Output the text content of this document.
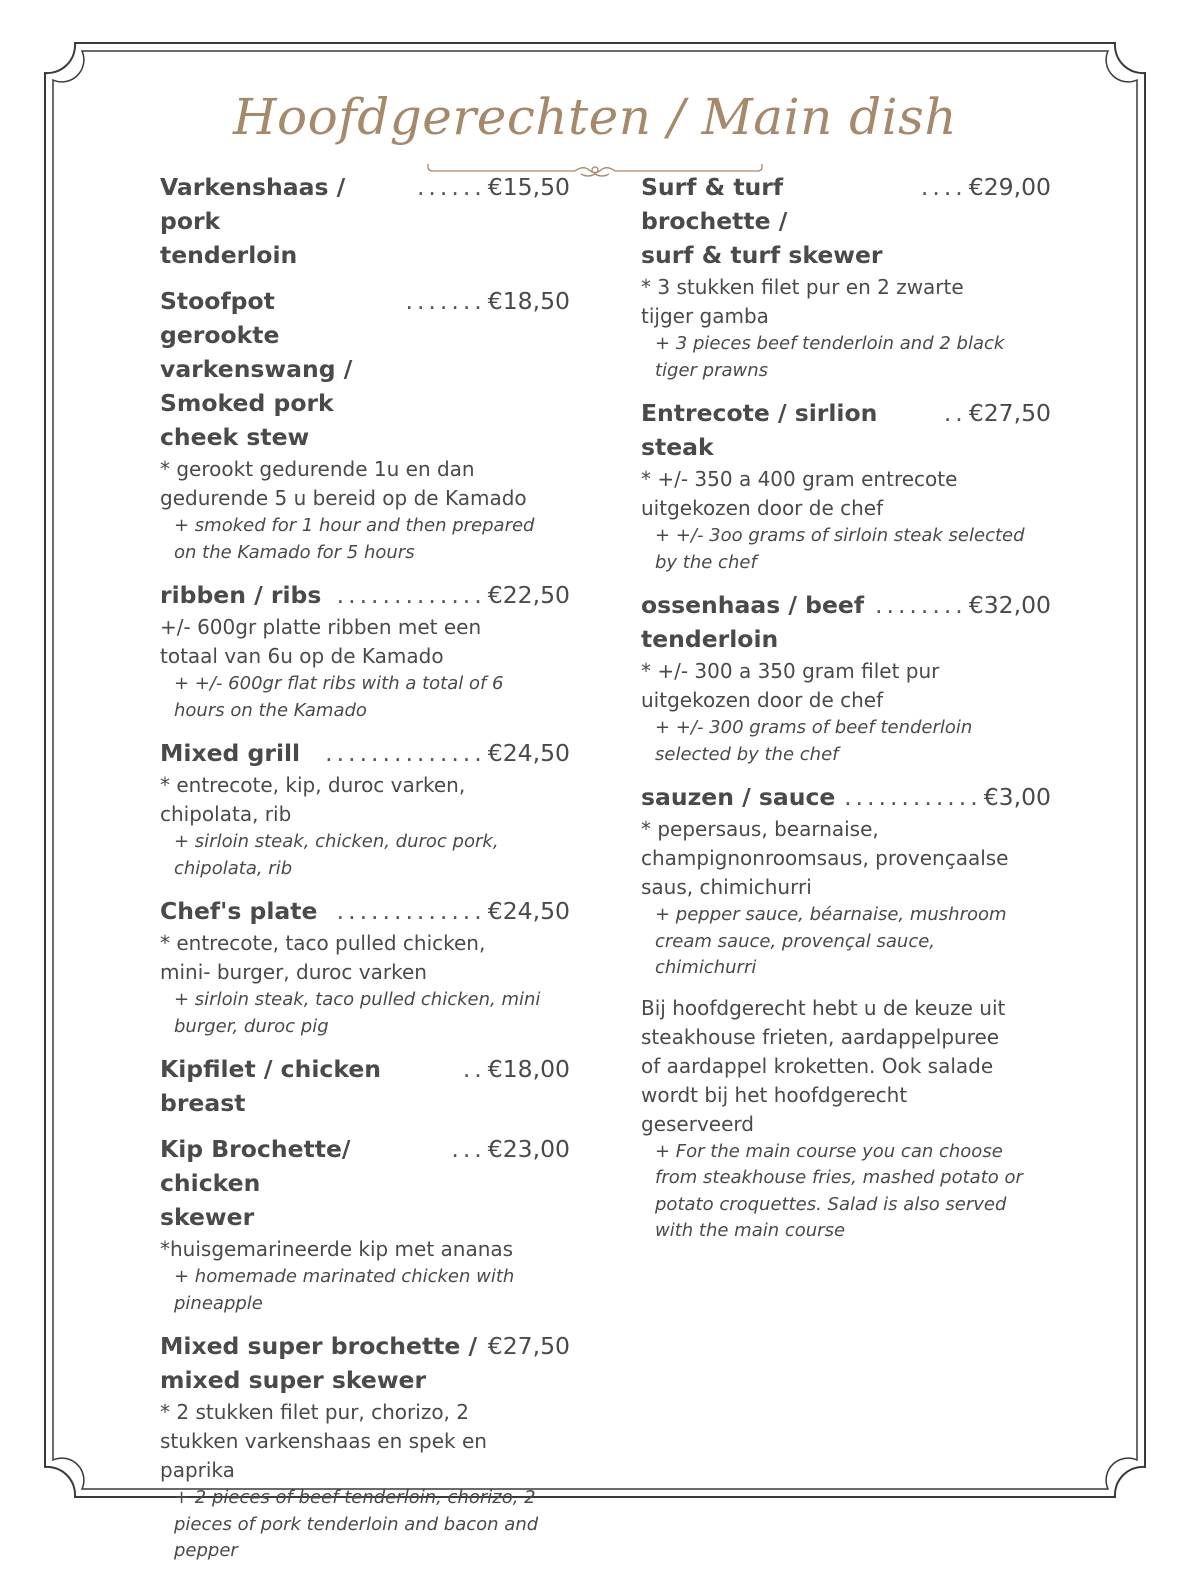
Hoofdgerechten / Main dish
Varkenshaas / pork
tenderloin
...... €15,50
Stoofpot gerookte
varkenswang / Smoked pork
cheek stew
....... €18,50
* gerookt gedurende 1u en dan
gedurende 5 u bereid op de Kamado
+ smoked for 1 hour and then prepared
on the Kamado for 5 hours
ribben / ribs ............. €22,50
+/- 600gr platte ribben met een
totaal van 6u op de Kamado
+ +/- 600gr flat ribs with a total of 6
hours on the Kamado
Mixed grill	.............. €24,50
* entrecote, kip, duroc varken,
chipolata, rib
+ sirloin steak, chicken, duroc pork,
chipolata, rib
Chef's plate ............. €24,50
* entrecote, taco pulled chicken,
mini- burger, duroc varken
+ sirloin steak, taco pulled chicken, mini
burger, duroc pig
Kipfilet / chicken breast
.. €18,00
Kip Brochette/ chicken
skewer
... €23,00
*huisgemarineerde kip met ananas
+ homemade marinated chicken with
pineapple
Mixed super brochette /
mixed super skewer
€27,50
* 2 stukken filet pur, chorizo, 2
stukken varkenshaas en spek en
paprika
+ 2 pieces of beef tenderloin, chorizo, 2
pieces of pork tenderloin and bacon and
pepper
Surf & turf brochette /
surf & turf skewer
.... €29,00
* 3 stukken filet pur en 2 zwarte
tijger gamba
+ 3 pieces beef tenderloin and 2 black
tiger prawns
Entrecote / sirlion steak
.. €27,50
* +/- 350 a 400 gram entrecote
uitgekozen door de chef
+ +/- 3oo grams of sirloin steak selected
by the chef
ossenhaas / beef
tenderloin
........ €32,00
* +/- 300 a 350 gram filet pur
uitgekozen door de chef
+ +/- 300 grams of beef tenderloin
selected by the chef
sauzen / sauce ............ €3,00
* pepersaus, bearnaise,
champignonroomsaus, provençaalse
saus, chimichurri
+ pepper sauce, béarnaise, mushroom
cream sauce, provençal sauce,
chimichurri
Bij hoofdgerecht hebt u de keuze uit
steakhouse frieten, aardappelpuree
of aardappel kroketten. Ook salade
wordt bij het hoofdgerecht
geserveerd
+ For the main course you can choose
from steakhouse fries, mashed potato or
potato croquettes. Salad is also served
with the main course
